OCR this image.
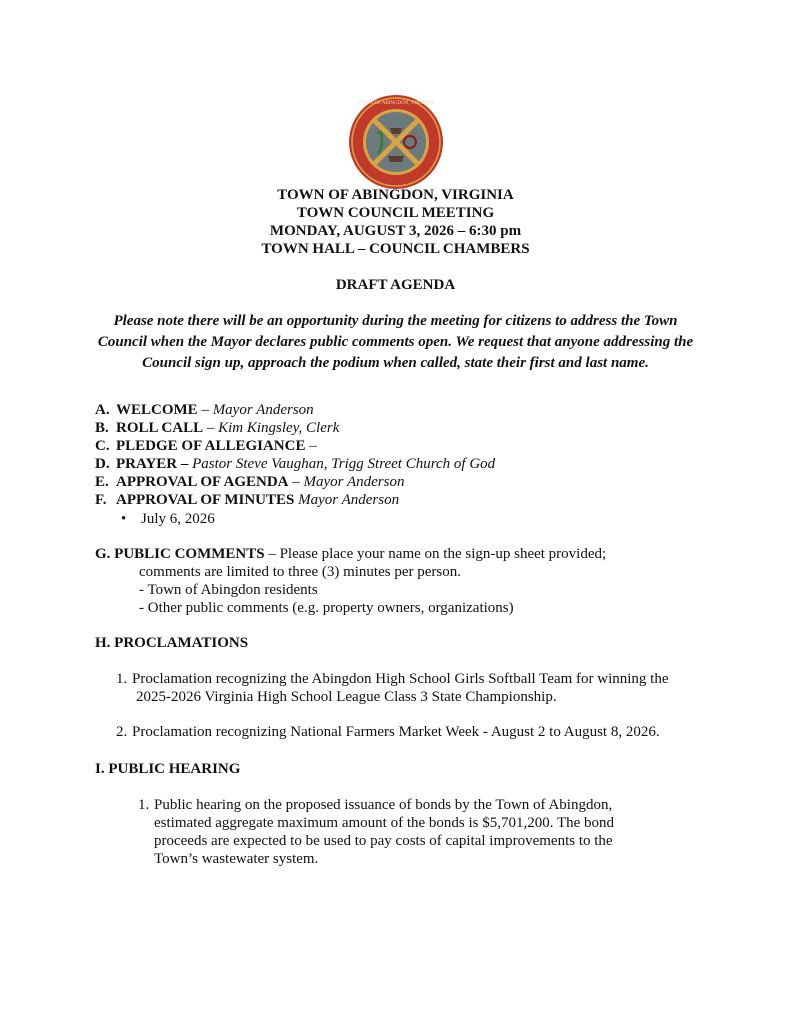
TOWN OF ABINGDON, VIRGINIA
TOWN OF ABINGDON, VIRGINIA
TOWN COUNCIL MEETING
MONDAY, AUGUST 3, 2026 – 6:30 pm
TOWN HALL – COUNCIL CHAMBERS
DRAFT AGENDA
Please note there will be an opportunity during the meeting for citizens to address the Town Council when the Mayor declares public comments open. We request that anyone addressing the Council sign up, approach the podium when called, state their first and last name.
A. WELCOME – Mayor Anderson
B. ROLL CALL – Kim Kingsley, Clerk
C. PLEDGE OF ALLEGIANCE –
D. PRAYER – Pastor Steve Vaughan, Trigg Street Church of God
E. APPROVAL OF AGENDA – Mayor Anderson
F. APPROVAL OF MINUTES Mayor Anderson
• July 6, 2026
G. PUBLIC COMMENTS – Please place your name on the sign-up sheet provided;
comments are limited to three (3) minutes per person.
- Town of Abingdon residents
- Other public comments (e.g. property owners, organizations)
H. PROCLAMATIONS
1. Proclamation recognizing the Abingdon High School Girls Softball Team for winning the
2025-2026 Virginia High School League Class 3 State Championship.
2. Proclamation recognizing National Farmers Market Week - August 2 to August 8, 2026.
I. PUBLIC HEARING
1. Public hearing on the proposed issuance of bonds by the Town of Abingdon,
estimated aggregate maximum amount of the bonds is $5,701,200. The bond
proceeds are expected to be used to pay costs of capital improvements to the
Town’s wastewater system.
